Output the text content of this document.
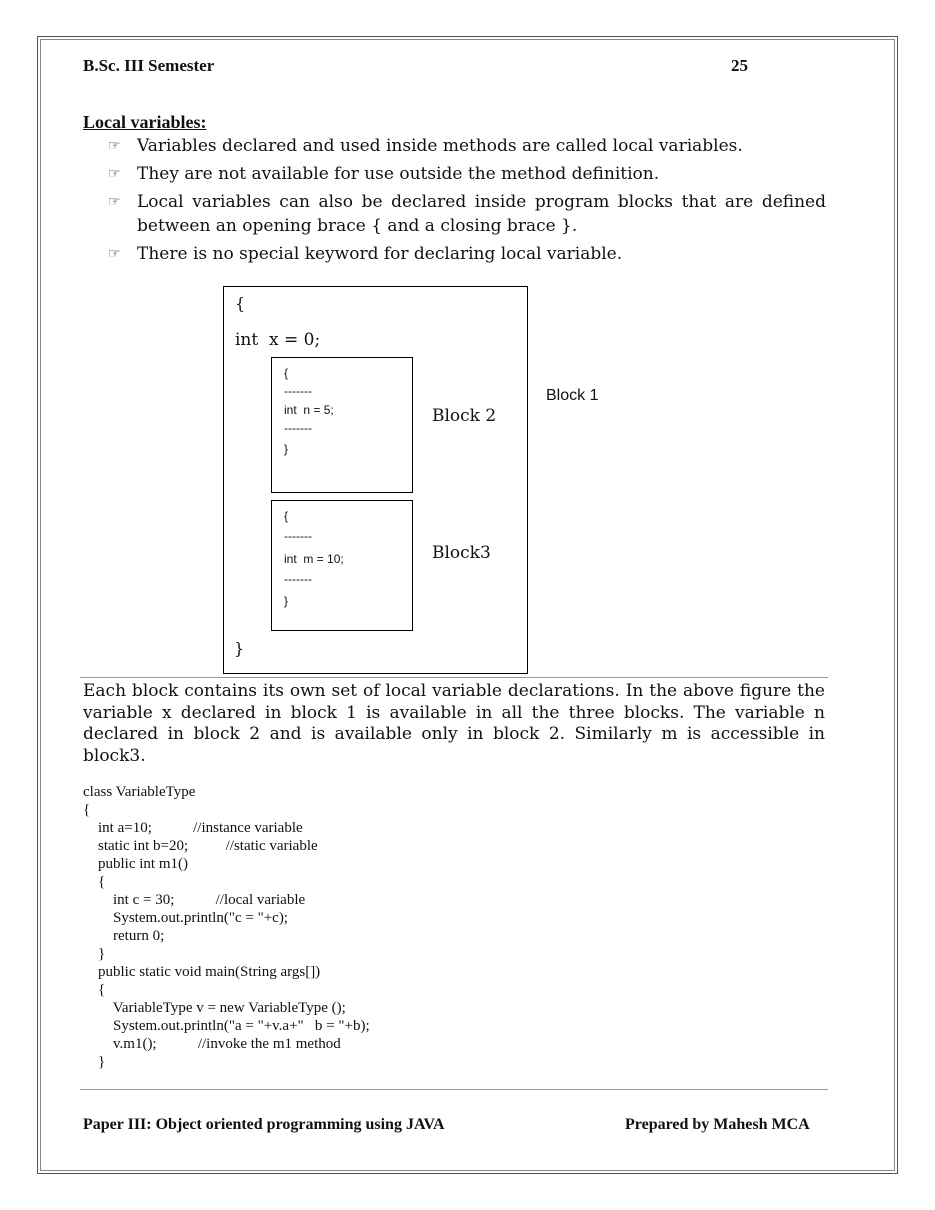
B.Sc. III Semester	25
Local variables:
☞ Variables declared and used inside methods are called local variables.
☞ They are not available for use outside the method definition.
☞ Local variables can also be declared inside program blocks that are defined between an opening brace { and a closing brace }.
☞ There is no special keyword for declaring local variable.
{
int  x = 0;
}
Block 1
{
-------
int  n = 5;
-------
}
Block 2
{
-------
int  m = 10;
-------
}
Block3

Each block contains its own set of local variable declarations. In the above figure the variable x declared in block 1 is available in all the three blocks. The variable n declared in block 2 and is available only in block 2. Similarly m is accessible in block3.

class VariableType
{
int a=10;           //instance variable
static int b=20;          //static variable
public int m1()
{
int c = 30;           //local variable
System.out.println("c = "+c);
return 0;
}
public static void main(String args[])
{
VariableType v = new VariableType ();
System.out.println("a = "+v.a+"   b = "+b);
v.m1();           //invoke the m1 method
}
Paper III: Object oriented programming using JAVA	Prepared by Mahesh MCA
